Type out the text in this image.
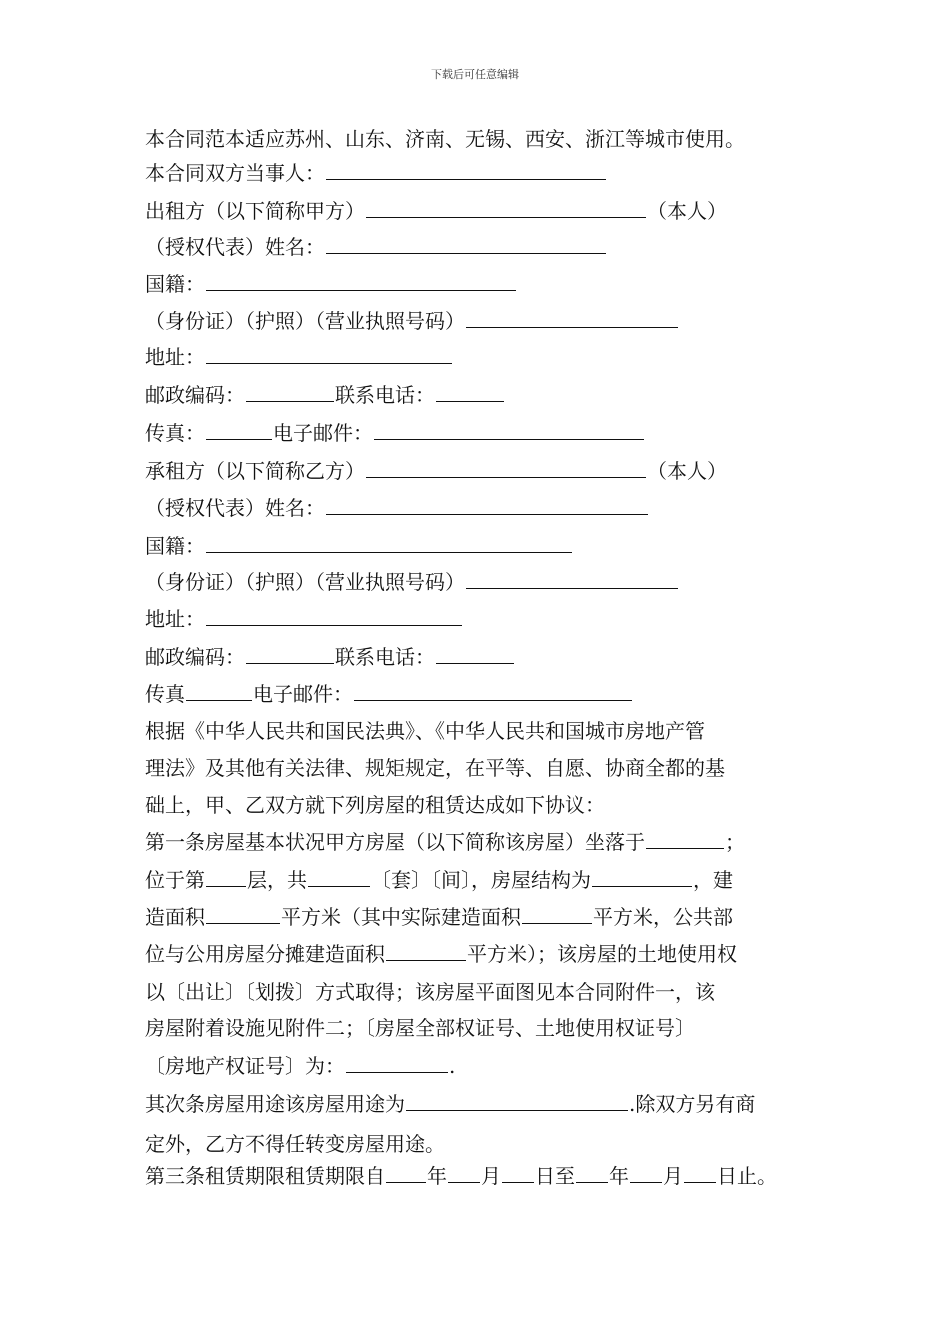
下载后可任意编辑
本合同范本适应苏州、山东、济南、无锡、西安、浙江等城市使用。
本合同双方当事人：
出租方（以下简称甲方）	（本人）
（授权代表）姓名：
国籍：
（身份证）（护照）（营业执照号码）
地址：
邮政编码：	联系电话：
传真：	电子邮件：
承租方（以下简称乙方）	（本人）
（授权代表）姓名：
国籍：
（身份证）（护照）（营业执照号码）
地址：
邮政编码：	联系电话：
传真	电子邮件：
根据《中华人民共和国民法典》、《中华人民共和国城市房地产管
理法》及其他有关法律、规矩规定，在平等、自愿、协商全都的基
础上，甲、乙双方就下列房屋的租赁达成如下协议：
第一条房屋基本状况甲方房屋（以下简称该房屋）坐落于	；
位于第 层，共	〔套〕〔间〕，房屋结构为	，建
造面积	平方米（其中实际建造面积	平方米，公共部
位与公用房屋分摊建造面积	平方米）；该房屋的土地使用权
以〔出让〕〔划拨〕方式取得；该房屋平面图见本合同附件一，该
房屋附着设施见附件二；〔房屋全部权证号、土地使用权证号〕
〔房地产权证号〕为：	.
其次条房屋用途该房屋用途为	.除双方另有商
定外，乙方不得任转变房屋用途。
第三条租赁期限租赁期限自 年 月 日至 年 月 日止。
